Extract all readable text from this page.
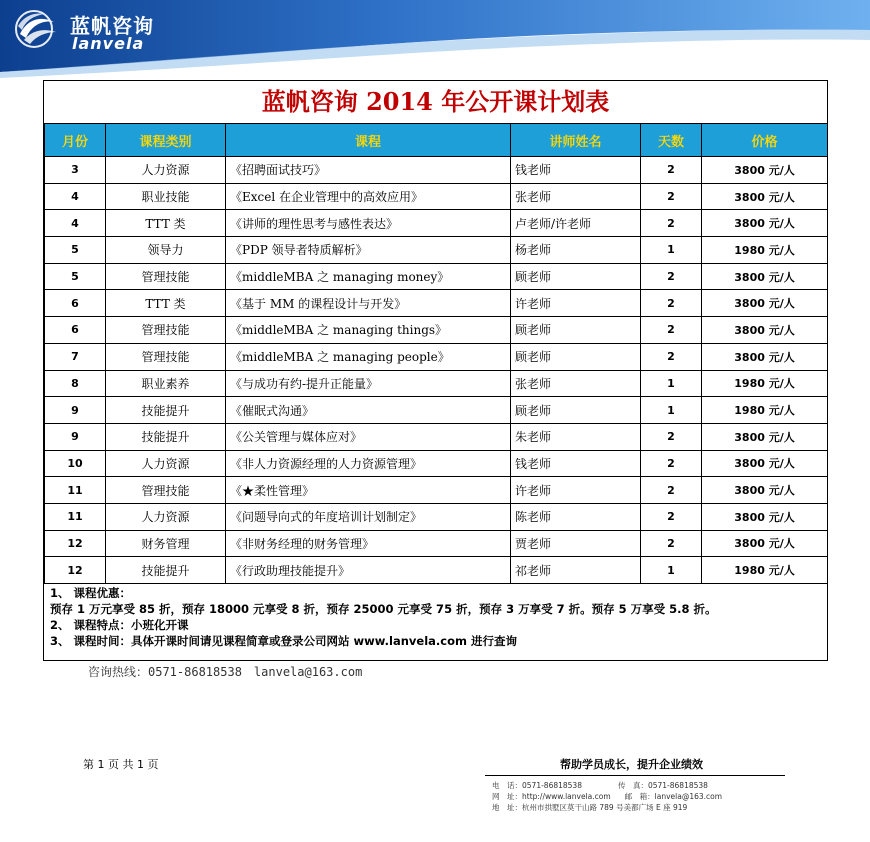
蓝帆咨询
lanvela
蓝帆咨询 2014 年公开课计划表
月份	课程类别	课程	讲师姓名	天数	价格
3	人力资源	《招聘面试技巧》	钱老师	2	3800 元/人
4	职业技能	《Excel 在企业管理中的高效应用》	张老师	2	3800 元/人
4	TTT 类	《讲师的理性思考与感性表达》	卢老师/许老师	2	3800 元/人
5	领导力	《PDP 领导者特质解析》	杨老师	1	1980 元/人
5	管理技能	《middleMBA 之 managing money》	顾老师	2	3800 元/人
6	TTT 类	《基于 MM 的课程设计与开发》	许老师	2	3800 元/人
6	管理技能	《middleMBA 之 managing things》	顾老师	2	3800 元/人
7	管理技能	《middleMBA 之 managing people》	顾老师	2	3800 元/人
8	职业素养	《与成功有约-提升正能量》	张老师	1	1980 元/人
9	技能提升	《催眠式沟通》	顾老师	1	1980 元/人
9	技能提升	《公关管理与媒体应对》	朱老师	2	3800 元/人
10	人力资源	《非人力资源经理的人力资源管理》	钱老师	2	3800 元/人
11	管理技能	《★柔性管理》	许老师	2	3800 元/人
11	人力资源	《问题导向式的年度培训计划制定》	陈老师	2	3800 元/人
12	财务管理	《非财务经理的财务管理》	贾老师	2	3800 元/人
12	技能提升	《行政助理技能提升》	祁老师	1	1980 元/人
1、 课程优惠：
预存 1 万元享受 85 折，预存 18000 元享受 8 折，预存 25000 元享受 75 折，预存 3 万享受 7 折。预存 5 万享受 5.8 折。
2、 课程特点：小班化开课
3、 课程时间：具体开课时间请见课程简章或登录公司网站 www.lanvela.com 进行查询
咨询热线：0571-86818538　lanvela@163.com
第 1 页 共 1 页	帮助学员成长，提升企业绩效
电　话：0571-86818538	传　真：0571-86818538
网　址：http://www.lanvela.com 邮　箱：lanvela@163.com
地　址：杭州市拱墅区莫干山路 789 号美都广场 E 座 919
